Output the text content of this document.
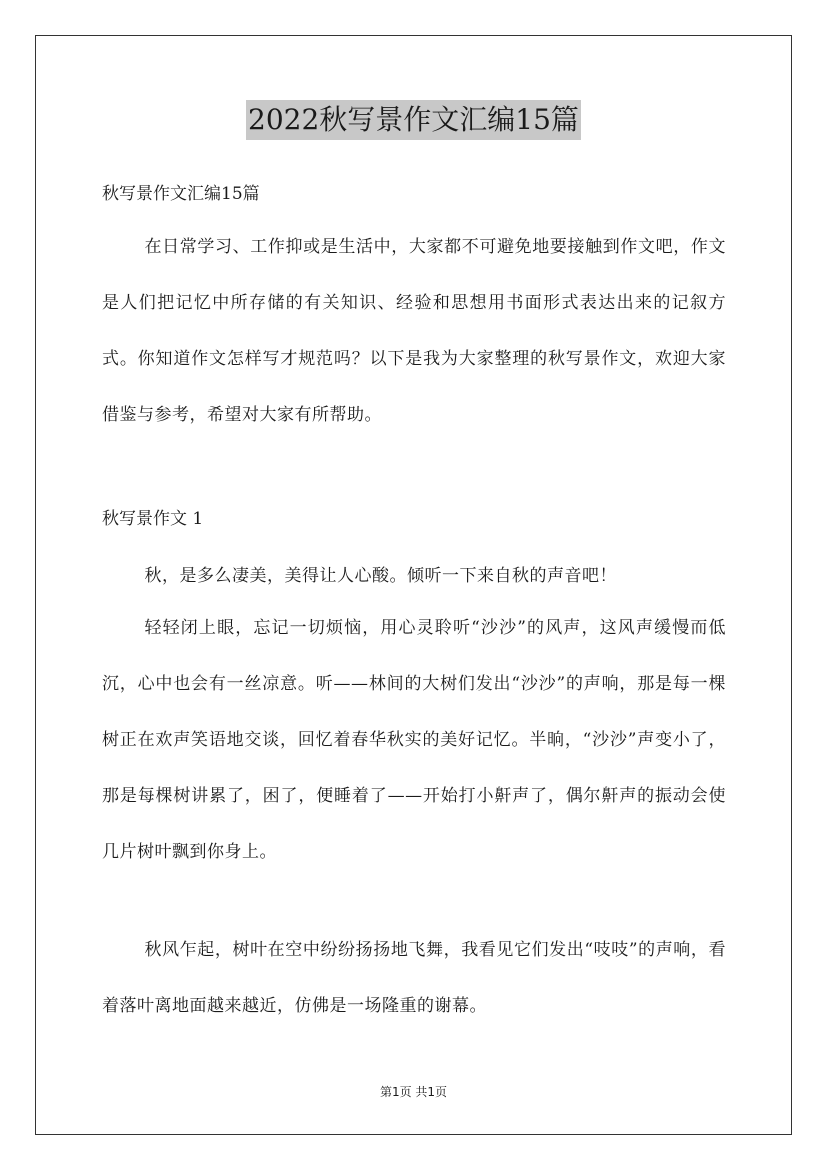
2022秋写景作文汇编15篇
秋写景作文汇编15篇
在日常学习、工作抑或是生活中，大家都不可避免地要接触到作文吧，作文是人们把记忆中所存储的有关知识、经验和思想用书面形式表达出来的记叙方式。你知道作文怎样写才规范吗？以下是我为大家整理的秋写景作文，欢迎大家借鉴与参考，希望对大家有所帮助。
秋写景作文 1
秋，是多么凄美，美得让人心酸。倾听一下来自秋的声音吧！
轻轻闭上眼，忘记一切烦恼，用心灵聆听“沙沙”的风声，这风声缓慢而低沉，心中也会有一丝凉意。听——林间的大树们发出“沙沙”的声响，那是每一棵树正在欢声笑语地交谈，回忆着春华秋实的美好记忆。半晌，“沙沙”声变小了，那是每棵树讲累了，困了，便睡着了——开始打小鼾声了，偶尔鼾声的振动会使几片树叶飘到你身上。
秋风乍起，树叶在空中纷纷扬扬地飞舞，我看见它们发出“吱吱”的声响，看着落叶离地面越来越近，仿佛是一场隆重的谢幕。
第1页 共1页
